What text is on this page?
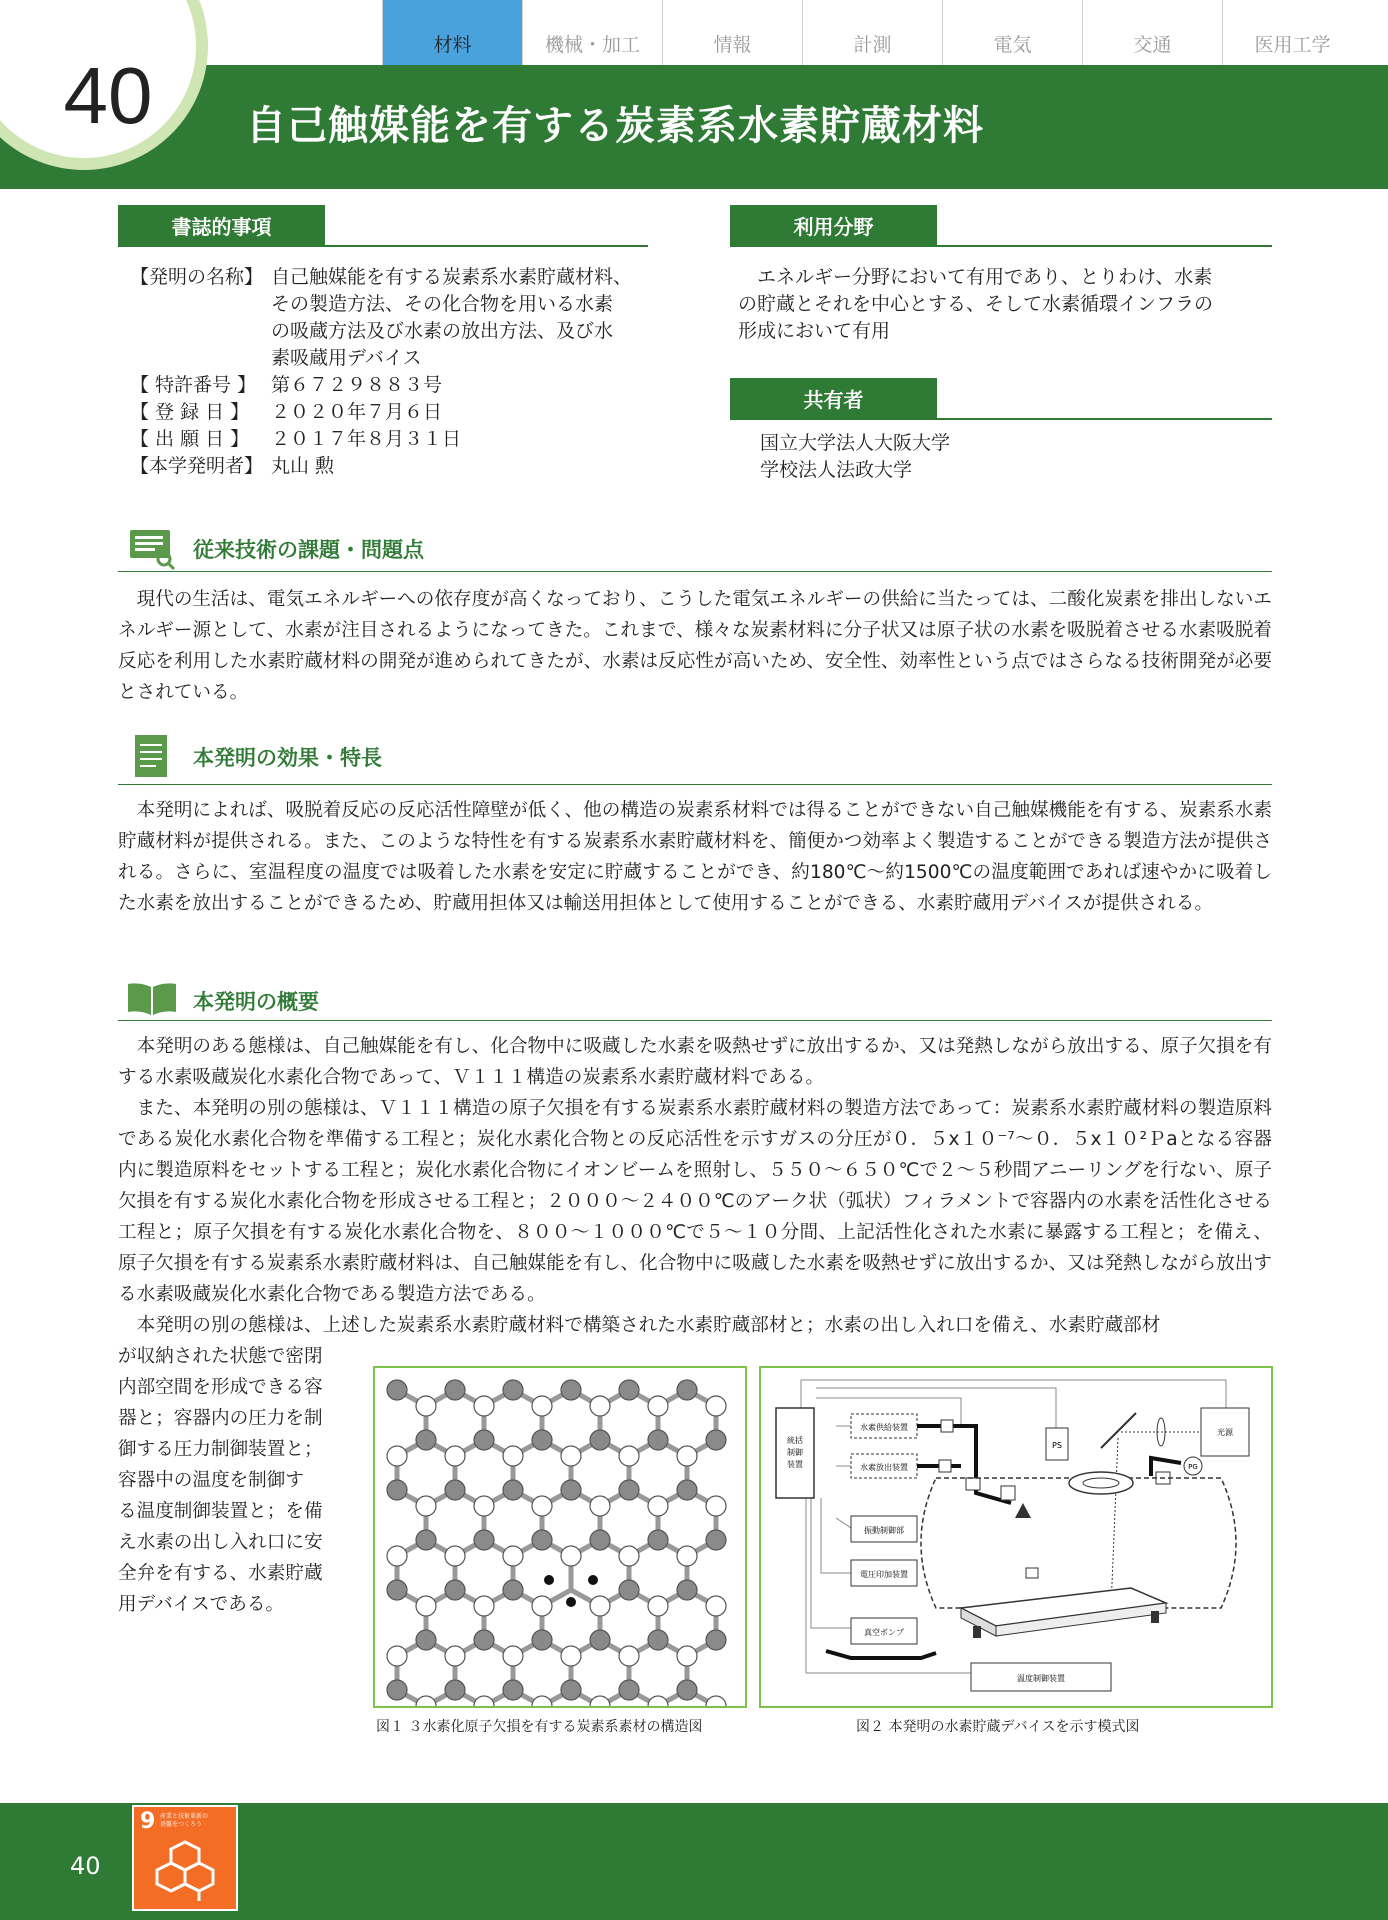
材料	機械・加工	情報	計測	電気	交通	医用工学
40	自己触媒能を有する炭素系水素貯蔵材料
書誌的事項
【発明の名称】 自己触媒能を有する炭素系水素貯蔵材料、
その製造方法、その化合物を用いる水素
の吸蔵方法及び水素の放出方法、及び水
素吸蔵用デバイス
【 特許番号 】 第６７２９８８３号
【 登 録 日 】	２０２０年７月６日
【 出 願 日 】	２０１７年８月３１日
【本学発明者】 丸山 勲
利用分野
エネルギー分野において有用であり、とりわけ、水素
の貯蔵とそれを中心とする、そして水素循環インフラの
形成において有用
共有者
国立大学法人大阪大学
学校法人法政大学
従来技術の課題・問題点

現代の生活は、電気エネルギーへの依存度が高くなっており、こうした電気エネルギーの供給に当たっては、二酸化炭素を排出しないエネルギー源として、水素が注目されるようになってきた。これまで、様々な炭素材料に分子状又は原子状の水素を吸脱着させる水素吸脱着反応を利用した水素貯蔵材料の開発が進められてきたが、水素は反応性が高いため、安全性、効率性という点ではさらなる技術開発が必要とされている。

本発明の効果・特長

本発明によれば、吸脱着反応の反応活性障壁が低く、他の構造の炭素系材料では得ることができない自己触媒機能を有する、炭素系水素貯蔵材料が提供される。また、このような特性を有する炭素系水素貯蔵材料を、簡便かつ効率よく製造することができる製造方法が提供される。さらに、室温程度の温度では吸着した水素を安定に貯蔵することができ、約180℃～約1500℃の温度範囲であれば速やかに吸着した水素を放出することができるため、貯蔵用担体又は輸送用担体として使用することができる、水素貯蔵用デバイスが提供される。

本発明の概要

本発明のある態様は、自己触媒能を有し、化合物中に吸蔵した水素を吸熱せずに放出するか、又は発熱しながら放出する、原子欠損を有する水素吸蔵炭化水素化合物であって、Ｖ１１１構造の炭素系水素貯蔵材料である。

また、本発明の別の態様は、Ｖ１１１構造の原子欠損を有する炭素系水素貯蔵材料の製造方法であって：炭素系水素貯蔵材料の製造原料である炭化水素化合物を準備する工程と；炭化水素化合物との反応活性を示すガスの分圧が０．５x１０⁻⁷～０．５x１０²Ｐaとなる容器内に製造原料をセットする工程と；炭化水素化合物にイオンビームを照射し、５５０～６５０℃で２～５秒間アニーリングを行ない、原子欠損を有する炭化水素化合物を形成させる工程と；２０００～２４００℃のアーク状（弧状）フィラメントで容器内の水素を活性化させる工程と；原子欠損を有する炭化水素化合物を、８００～１０００℃で５～１０分間、上記活性化された水素に暴露する工程と；を備え、原子欠損を有する炭素系水素貯蔵材料は、自己触媒能を有し、化合物中に吸蔵した水素を吸熱せずに放出するか、又は発熱しながら放出する水素吸蔵炭化水素化合物である製造方法である。

本発明の別の態様は、上述した炭素系水素貯蔵材料で構築された水素貯蔵部材と；水素の出し入れ口を備え、水素貯蔵部材

が収納された状態で密閉
内部空間を形成できる容
器と；容器内の圧力を制
御する圧力制御装置と；
容器中の温度を制御す
る温度制御装置と；を備
え水素の出し入れ口に安
全弁を有する、水素貯蔵
用デバイスである。
図１ ３水素化原子欠損を有する炭素系素材の構造図
統括
制御
装置
水素供給装置
水素放出装置
振動制御部
電圧印加装置
真空ポンプ
温度制御装置
PS
光源
PG
図２ 本発明の水素貯蔵デバイスを示す模式図
40
9 産業と技術革新の
基盤をつくろう
